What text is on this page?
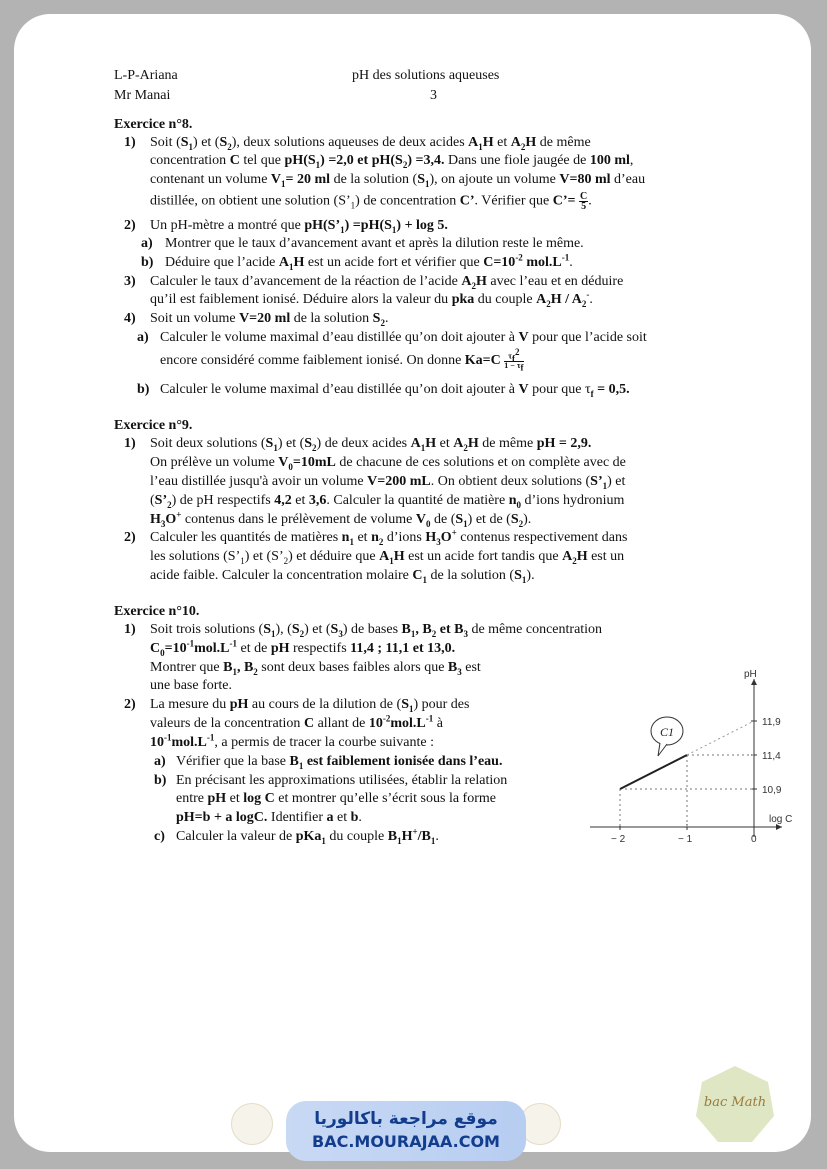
L-P-Ariana	pH des solutions aqueuses
Mr Manai	3
Exercice n°8.
1) Soit $(S_1)$ et $(S_2)$, deux solutions aqueuses de deux acides $A_1H$ et $A_2H$ de même
concentration C tel que $pH(S_1) =2,0$ et $pH(S_2) =3,4$. Dans une fiole jaugée de 100 ml,
contenant un volume $V_1= 20$ ml de la solution $(S_1)$, on ajoute un volume V=80 ml d’eau
distillée, on obtient une solution $(S’_1)$ de concentration C’. Vérifier que C’= $\frac{C}{5}$ .
2) Un pH-mètre a montré que $pH(S’_1) =pH(S_1) + \log 5$.
a) Montrer que le taux d’avancement avant et après la dilution reste le même.
b) Déduire que l’acide $A_1H$ est un acide fort et vérifier que $C=10^{-2}$ $mol.L^{-1}$.
3) Calculer le taux d’avancement de la réaction de l’acide $A_2H$ avec l’eau et en déduire
qu’il est faiblement ionisé. Déduire alors la valeur du pka du couple $A_2H / A_2^-$.
4) Soit un volume V=20 ml de la solution $S_2$.
a) Calculer le volume maximal d’eau distillée qu’on doit ajouter à V pour que l’acide soit
encore considéré comme faiblement ionisé. On donne $Ka=C \frac{\tau_f^2}{1 - \tau_f}$
b) Calculer le volume maximal d’eau distillée qu’on doit ajouter à V pour que $\tau_f = 0,5$.
Exercice n°9.
1) Soit deux solutions $(S_1)$ et $(S_2)$ de deux acides $A_1H$ et $A_2H$ de même pH = 2,9.
On prélève un volume $V_0=10mL$ de chacune de ces solutions et on complète avec de
l’eau distillée jusqu'à avoir un volume V=200 mL. On obtient deux solutions $(S’_1)$ et
$(S’_2)$ de pH respectifs 4,2 et 3,6. Calculer la quantité de matière $n_0$ d’ions hydronium
$H_3O^+$ contenus dans le prélèvement de volume $V_0$ de $(S_1)$ et de $(S_2)$.
2) Calculer les quantités de matières $n_1$ et $n_2$ d’ions $H_3O^+$ contenus respectivement dans
les solutions $(S’_1)$ et $(S’_2)$ et déduire que $A_1H$ est un acide fort tandis que $A_2H$ est un
acide faible. Calculer la concentration molaire $C_1$ de la solution $(S_1)$.
Exercice n°10.
1) Soit trois solutions $(S_1)$, $(S_2)$ et $(S_3)$ de bases $B_1$, $B_2$ et $B_3$ de même concentration
$C_0=10^{-1}mol.L^{-1}$ et de pH respectifs 11,4 ; 11,1 et 13,0.
Montrer que $B_1$, $B_2$ sont deux bases faibles alors que $B_3$ est
une base forte.
2) La mesure du pH au cours de la dilution de $(S_1)$ pour des
valeurs de la concentration C allant de $10^{-2}mol.L^{-1}$ à
$10^{-1}mol.L^{-1}$, a permis de tracer la courbe suivante :
a) Vérifier que la base $B_1$ est faiblement ionisée dans l’eau.
b) En précisant les approximations utilisées, établir la relation
entre pH et log C et montrer qu’elle s’écrit sous la forme
pH=b + a logC. Identifier a et b.
c) Calculer la valeur de pKa$_1$ du couple $B_1H^+/B_1$.
log C
pH
− 2	− 1	0
10,9
11,4
11,9
C1
موقع مراجعة باكالوريا
BAC.MOURAJAA.COM
bac Math
